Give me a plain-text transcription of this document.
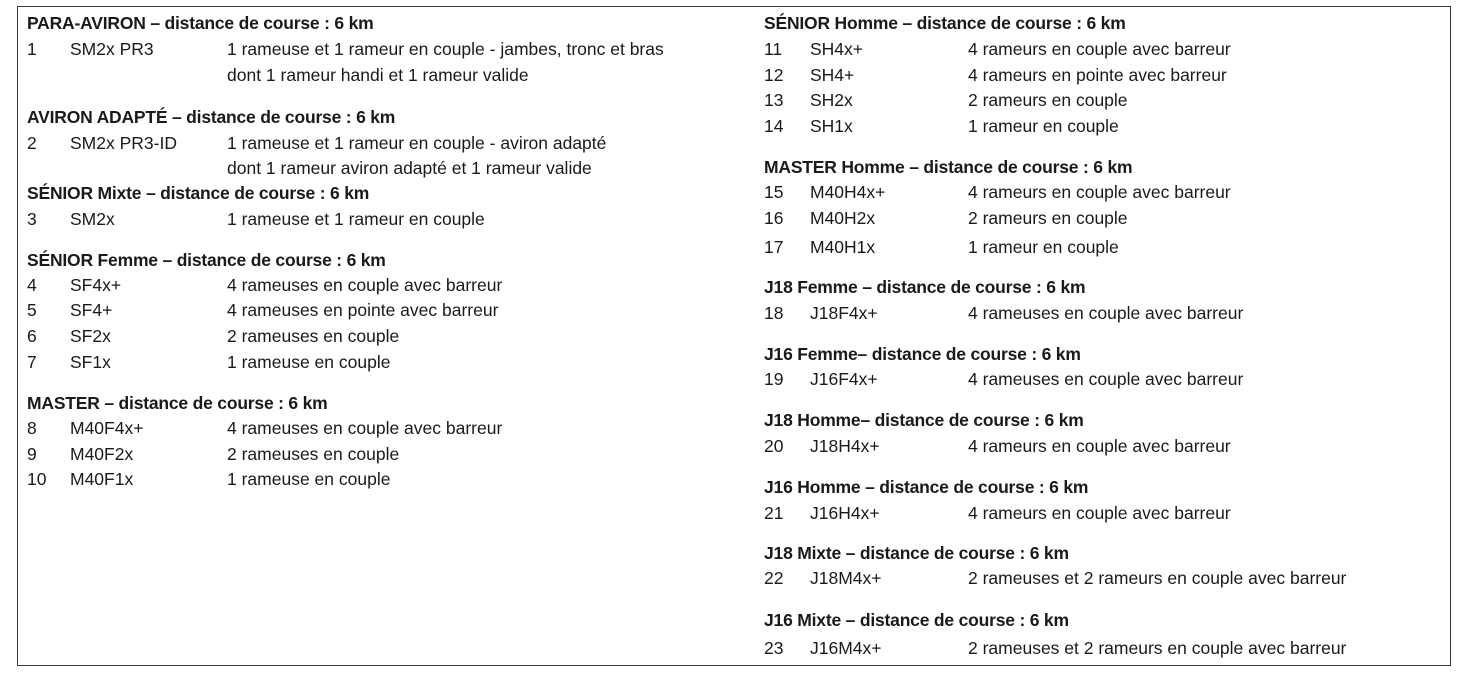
PARA-AVIRON – distance de course : 6 km
1 SM2x PR3	1 rameuse et 1 rameur en couple - jambes, tronc et bras
dont 1 rameur handi et 1 rameur valide
AVIRON ADAPTÉ – distance de course : 6 km
2 SM2x PR3-ID	1 rameuse et 1 rameur en couple - aviron adapté
dont 1 rameur aviron adapté et 1 rameur valide
SÉNIOR Mixte – distance de course : 6 km
3 SM2x	1 rameuse et 1 rameur en couple
SÉNIOR Femme – distance de course : 6 km
4 SF4x+	4 rameuses en couple avec barreur
5 SF4+	4 rameuses en pointe avec barreur
6 SF2x	2 rameuses en couple
7 SF1x	1 rameuse en couple
MASTER – distance de course : 6 km
8 M40F4x+	4 rameuses en couple avec barreur
9 M40F2x	2 rameuses en couple
10 M40F1x	1 rameuse en couple
SÉNIOR Homme – distance de course : 6 km
11 SH4x+	4 rameurs en couple avec barreur
12 SH4+	4 rameurs en pointe avec barreur
13 SH2x	2 rameurs en couple
14 SH1x	1 rameur en couple
MASTER Homme – distance de course : 6 km
15 M40H4x+	4 rameurs en couple avec barreur
16 M40H2x	2 rameurs en couple
17 M40H1x	1 rameur en couple
J18 Femme – distance de course : 6 km
18 J18F4x+	4 rameuses en couple avec barreur
J16 Femme– distance de course : 6 km
19 J16F4x+	4 rameuses en couple avec barreur
J18 Homme– distance de course : 6 km
20 J18H4x+	4 rameurs en couple avec barreur
J16 Homme – distance de course : 6 km
21 J16H4x+	4 rameurs en couple avec barreur
J18 Mixte – distance de course : 6 km
22 J18M4x+	2 rameuses et 2 rameurs en couple avec barreur
J16 Mixte – distance de course : 6 km
23 J16M4x+	2 rameuses et 2 rameurs en couple avec barreur
